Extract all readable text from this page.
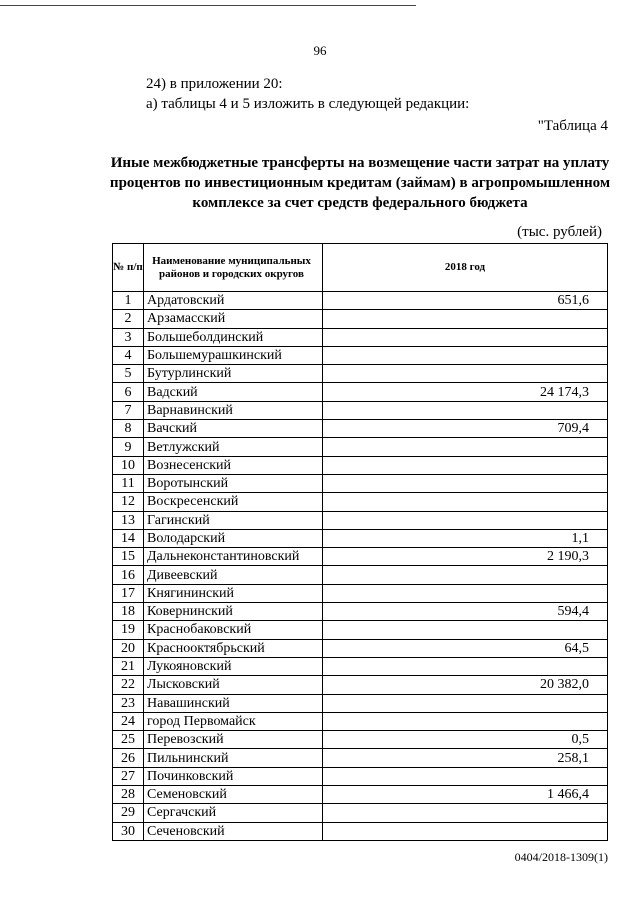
96
24) в приложении 20:
а) таблицы 4 и 5 изложить в следующей редакции:
"Таблица 4
Иные межбюджетные трансферты на возмещение части затрат на уплату процентов по инвестиционным кредитам (займам) в агропромышленном комплексе за счет средств федерального бюджета
(тыс. рублей)
№ п/п	Наименование муниципальных районов и городских округов	2018 год
1	Ардатовский	651,6
2	Арзамасский	
3	Большеболдинский	
4	Большемурашкинский	
5	Бутурлинский	
6	Вадский	24 174,3
7	Варнавинский	
8	Вачский	709,4
9	Ветлужский	
10	Вознесенский	
11	Воротынский	
12	Воскресенский	
13	Гагинский	
14	Володарский	1,1
15	Дальнеконстантиновский	2 190,3
16	Дивеевский	
17	Княгининский	
18	Ковернинский	594,4
19	Краснобаковский	
20	Краснооктябрьский	64,5
21	Лукояновский	
22	Лысковский	20 382,0
23	Навашинский	
24	город Первомайск	
25	Перевозский	0,5
26	Пильнинский	258,1
27	Починковский	
28	Семеновский	1 466,4
29	Сергачский	
30	Сеченовский	
0404/2018-1309(1)
